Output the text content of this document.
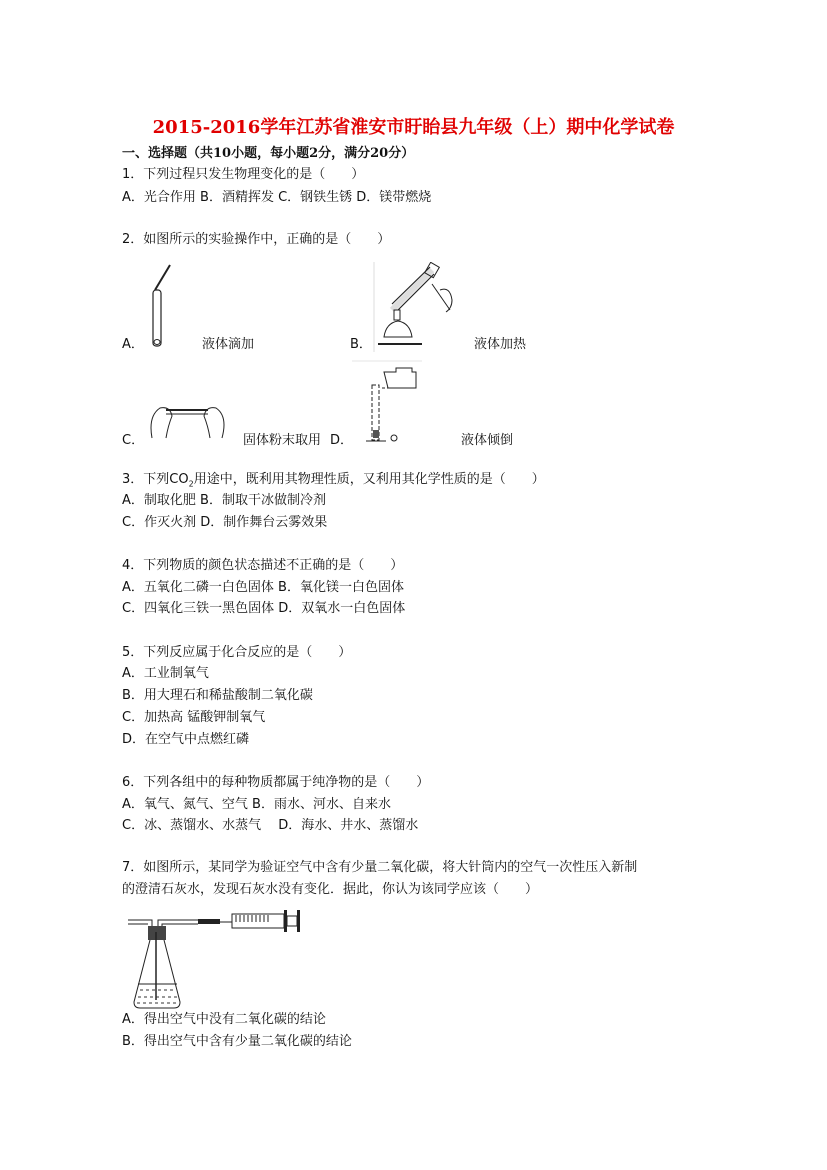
2015-2016学年江苏省淮安市盱眙县九年级（上）期中化学试卷
一、选择题（共10小题，每小题2分，满分20分）
1．下列过程只发生物理变化的是（　　）
A．光合作用 B．酒精挥发 C．钢铁生锈 D．镁带燃烧
2．如图所示的实验操作中，正确的是（　　）
A．	液体滴加	B．	液体加热
C．	固体粉末取用 D．	液体倾倒
3．下列$CO_2$用途中，既利用其物理性质，又利用其化学性质的是（　　）
A．制取化肥 B．制取干冰做制冷剂
C．作灭火剂 D．制作舞台云雾效果
4．下列物质的颜色状态描述不正确的是（　　）
A．五氧化二磷一白色固体 B．氧化镁一白色固体
C．四氧化三铁一黑色固体 D．双氧水一白色固体
5．下列反应属于化合反应的是（　　）
A．工业制氧气
B．用大理石和稀盐酸制二氧化碳
C．加热高 锰酸钾制氧气
D．在空气中点燃红磷
6．下列各组中的每种物质都属于纯净物的是（　　）
A．氧气、氮气、空气 B．雨水、河水、自来水
C．冰、蒸馏水、水蒸气　 D．海水、井水、蒸馏水
7．如图所示，某同学为验证空气中含有少量二氧化碳，将大针筒内的空气一次性压入新制
的澄清石灰水，发现石灰水没有变化．据此，你认为该同学应该（　　）
A．得出空气中没有二氧化碳的结论
B．得出空气中含有少量二氧化碳的结论
